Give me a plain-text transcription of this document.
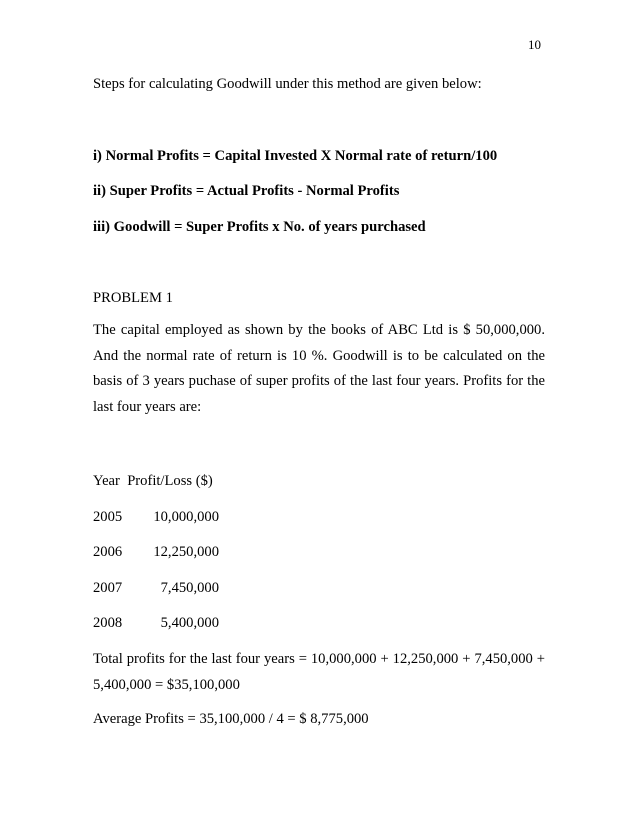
10
Steps for calculating Goodwill under this method are given below:
i) Normal Profits = Capital Invested X Normal rate of return/100
ii) Super Profits = Actual Profits - Normal Profits
iii) Goodwill = Super Profits x No. of years purchased
PROBLEM 1
The capital employed as shown by the books of ABC Ltd is $ 50,000,000. And the normal rate of return is 10 %. Goodwill is to be calculated on the basis of 3 years puchase of super profits of the last four years. Profits for the last four years are:
Year  Profit/Loss ($)
2005 10,000,000
2006 12,250,000
2007	7,450,000
2008	5,400,000
Total profits for the last four years = 10,000,000 + 12,250,000 + 7,450,000 + 5,400,000 = $35,100,000
Average Profits = 35,100,000 / 4 = $ 8,775,000
